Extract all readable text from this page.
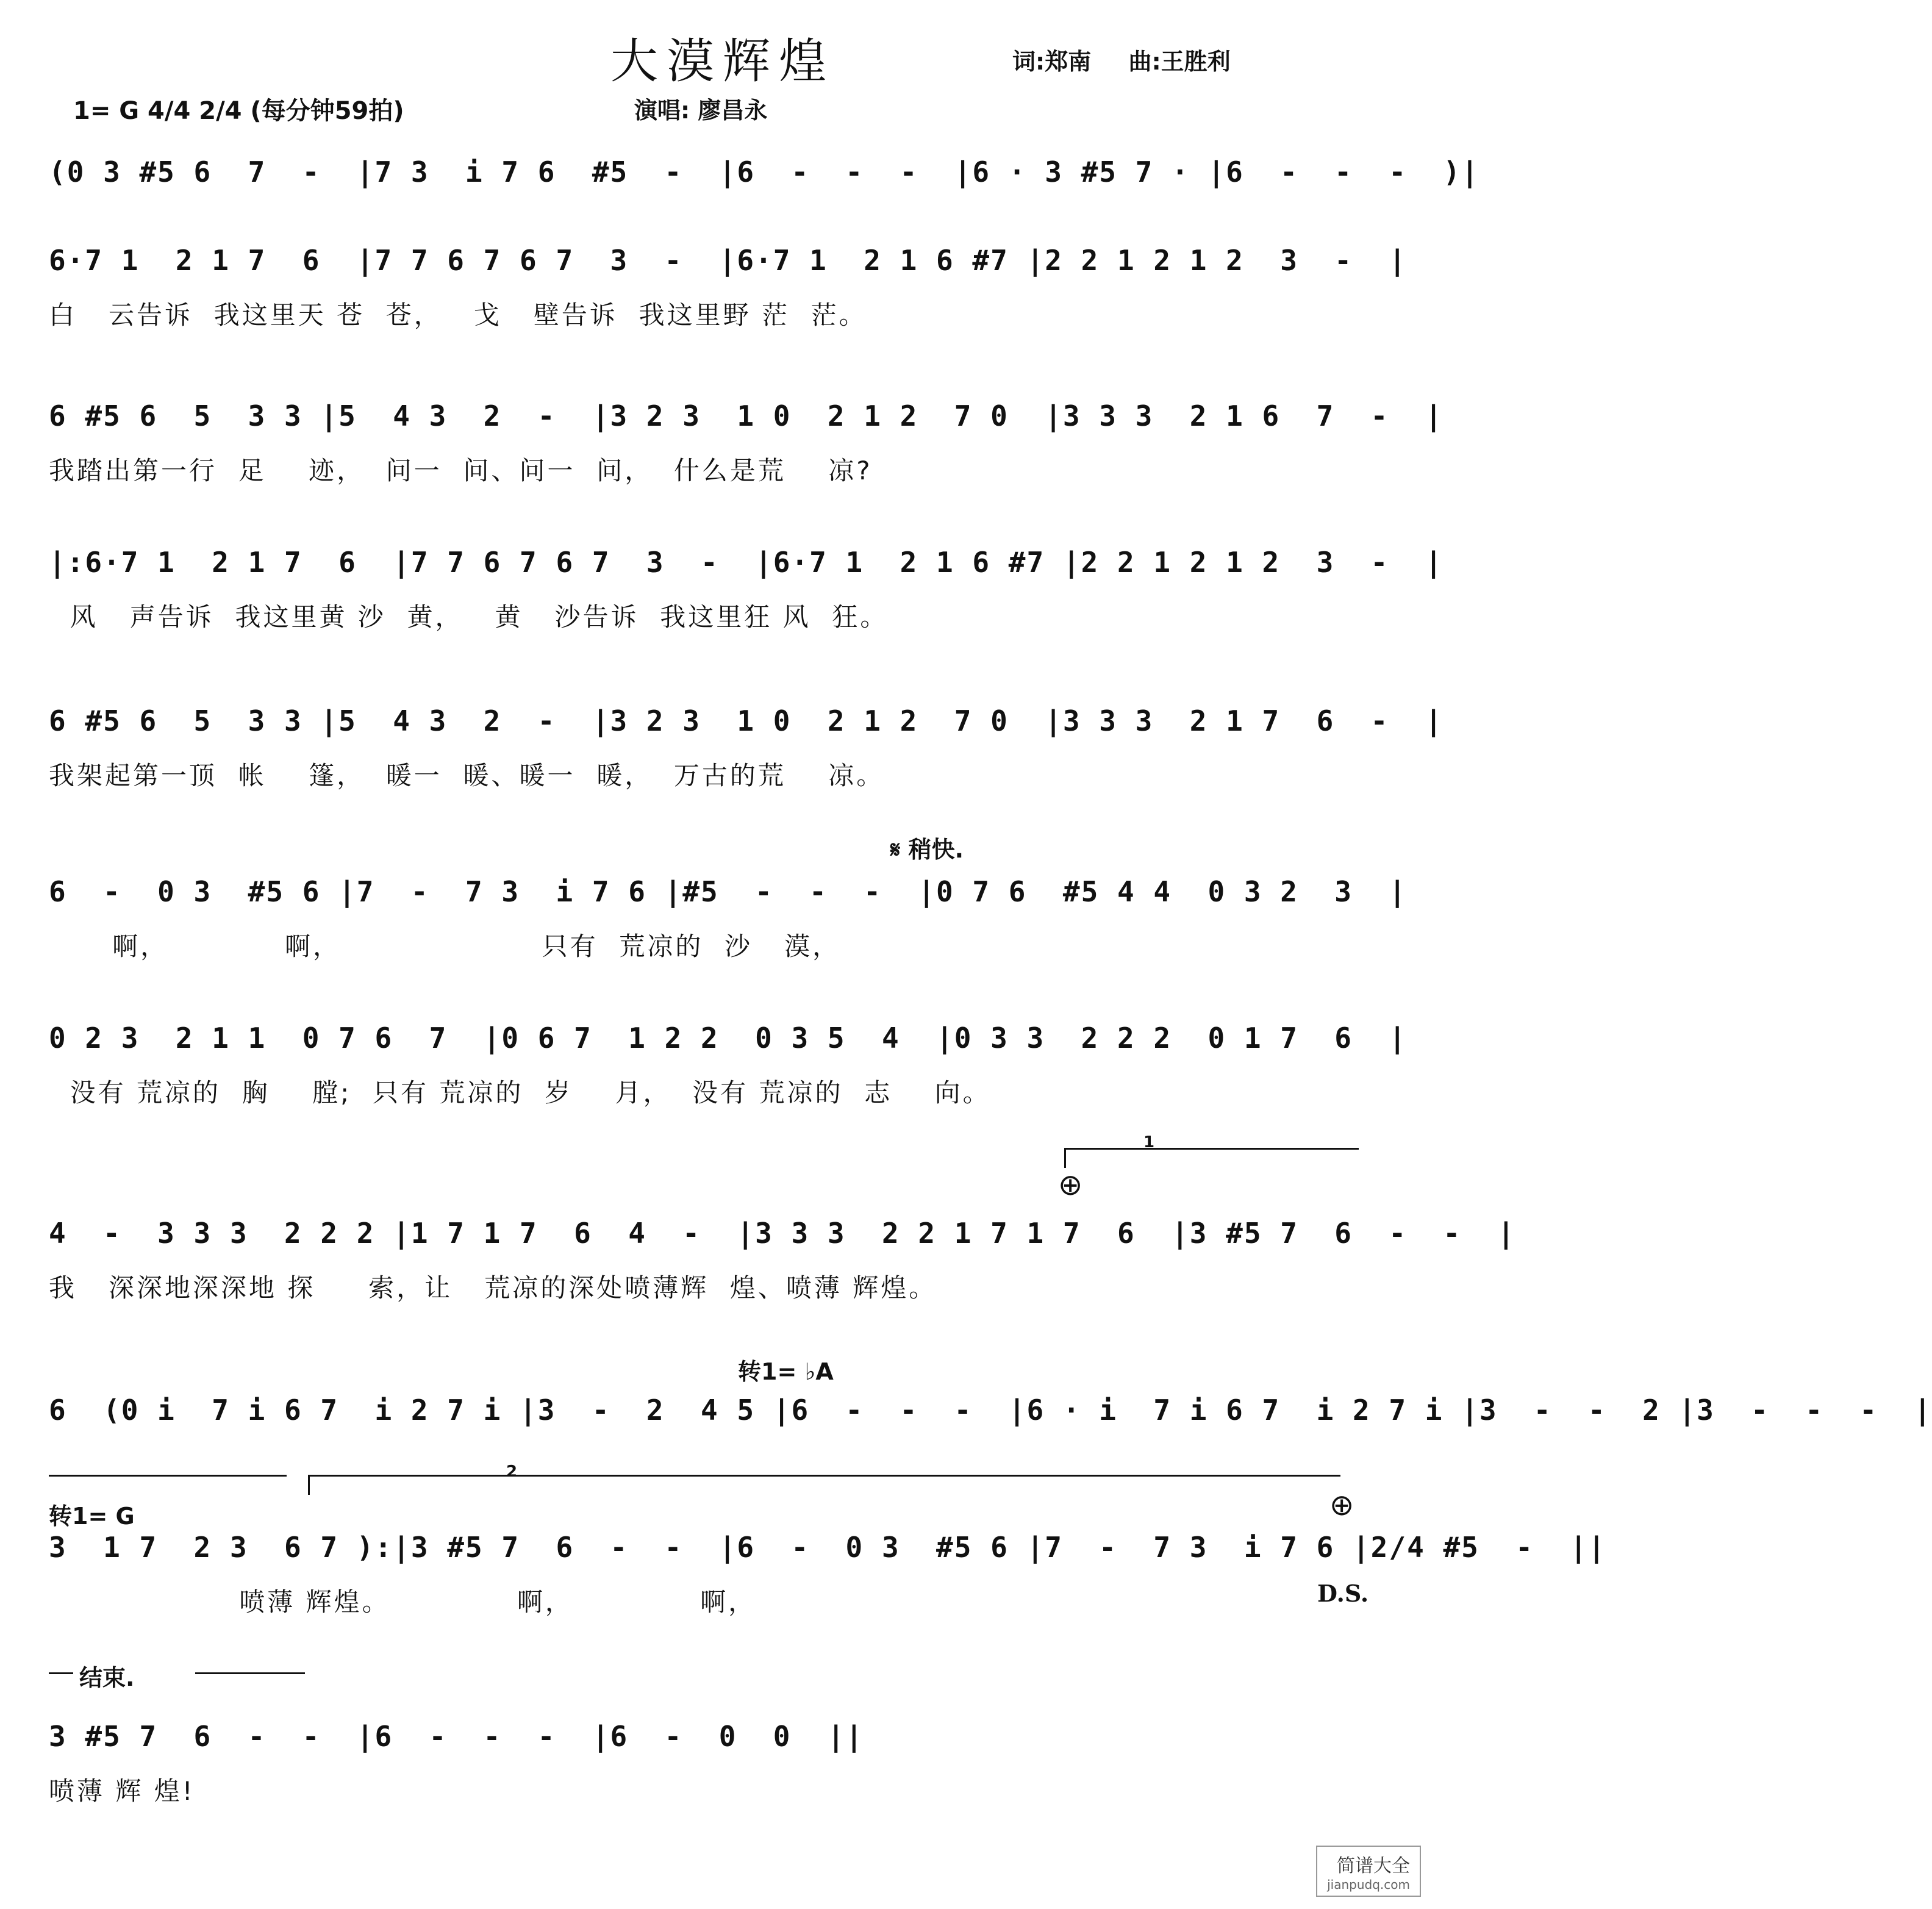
大漠辉煌	词:郑南 曲:王胜利
1= G 4/4 2/4 (每分钟59拍)	演唱: 廖昌永
(0 3 #5 6  7  -  |7 3  i 7 6  #5  -  |6  -  -  -  |6 · 3 #5 7 · |6  -  -  -  )|
6·7 1  2 1 7  6  |7 7 6 7 6 7  3  -  |6·7 1  2 1 6 #7 |2 2 1 2 1 2  3  -  |
白   云告诉  我这里天 苍  苍，   戈   壁告诉  我这里野 茫  茫。
6 #5 6  5  3 3 |5  4 3  2  -  |3 2 3  1 0  2 1 2  7 0  |3 3 3  2 1 6  7  -  |
我踏出第一行  足    迹，  问一  问、问一  问，  什么是荒    凉?
|:6·7 1  2 1 7  6  |7 7 6 7 6 7  3  -  |6·7 1  2 1 6 #7 |2 2 1 2 1 2  3  -  |
风   声告诉  我这里黄 沙  黄，   黄   沙告诉  我这里狂 风  狂。
6 #5 6  5  3 3 |5  4 3  2  -  |3 2 3  1 0  2 1 2  7 0  |3 3 3  2 1 7  6  -  |
我架起第一顶  帐    篷，  暖一  暖、暖一  暖，  万古的荒    凉。
𝄋 稍快.
6  -  0 3  #5 6 |7  -  7 3  i 7 6 |#5  -  -  -  |0 7 6  #5 4 4  0 3 2  3  |
啊，           啊，                   只有  荒凉的  沙   漠，
0 2 3  2 1 1  0 7 6  7  |0 6 7  1 2 2  0 3 5  4  |0 3 3  2 2 2  0 1 7  6  |
没有 荒凉的  胸    膛;  只有 荒凉的  岁    月，  没有 荒凉的  志    向。
1
⊕
4  -  3 3 3  2 2 2 |1 7 1 7  6  4  -  |3 3 3  2 2 1 7 1 7  6  |3 #5 7  6  -  -  |
我   深深地深深地 探     索，让   荒凉的深处喷薄辉  煌、喷薄 辉煌。
转1= ♭A
6  (0 i  7 i 6 7  i 2 7 i |3  -  2  4 5 |6  -  -  -  |6 · i  7 i 6 7  i 2 7 i |3  -  -  2 |3  -  -  -  |
2
转1= G	⊕
3  1 7  2 3  6 7 ):|3 #5 7  6  -  -  |6  -  0 3  #5 6 |7  -  7 3  i 7 6 |2/4 #5  -  ||
喷薄 辉煌。            啊，            啊，	D.S.
结束.
3 #5 7  6  -  -  |6  -  -  -  |6  -  0  0  ||
喷薄 辉 煌!
简谱大全
jianpudq.com
